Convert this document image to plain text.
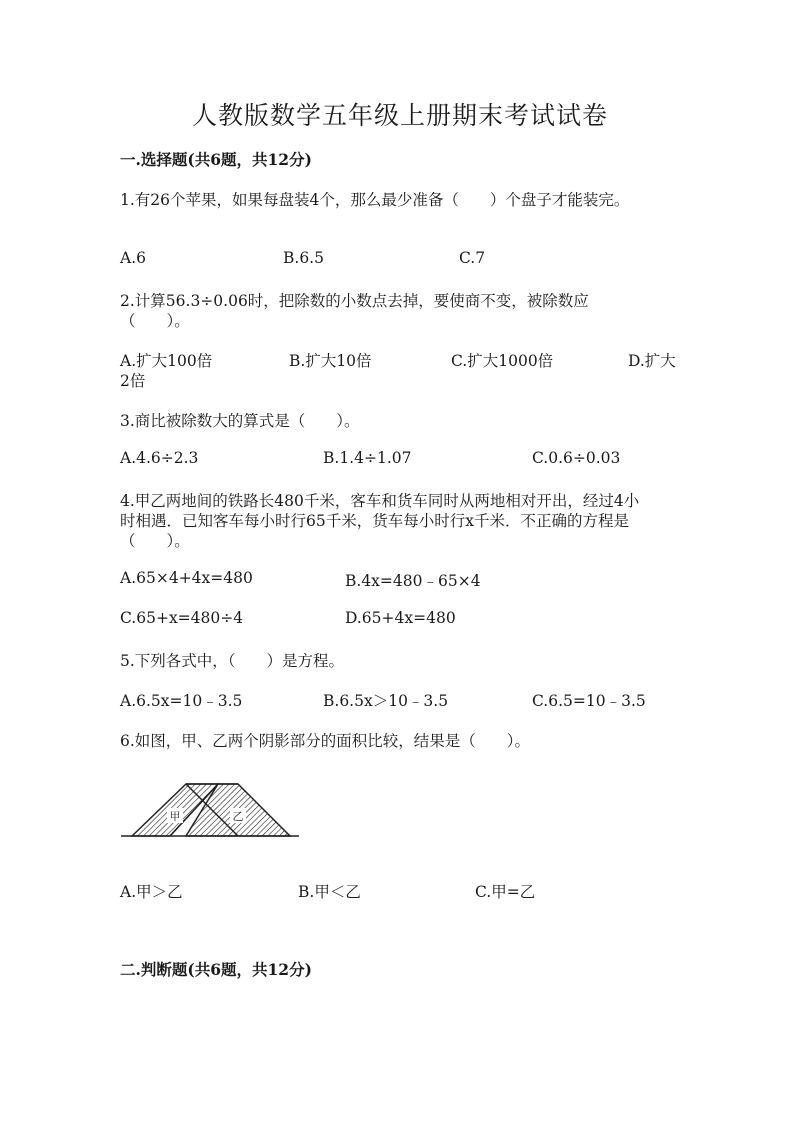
人教版数学五年级上册期末考试试卷
一.选择题(共6题，共12分)
1.有26个苹果，如果每盘装4个，那么最少准备（　　）个盘子才能装完。
A.6	B.6.5	C.7
2.计算56.3÷0.06时，把除数的小数点去掉，要使商不变，被除数应
（　　）。
A.扩大100倍	B.扩大10倍	C.扩大1000倍	D.扩大
2倍
3.商比被除数大的算式是（　　）。
A.4.6÷2.3	B.1.4÷1.07	C.0.6÷0.03
4.甲乙两地间的铁路长480千米，客车和货车同时从两地相对开出，经过4小
时相遇．已知客车每小时行65千米，货车每小时行x千米．不正确的方程是
（　　）。
A.65×4+4x=480	B.4x=480﹣65×4
C.65+x=480÷4	D.65+4x=480
5.下列各式中，（　　）是方程。
A.6.5x=10﹣3.5	B.6.5x＞10﹣3.5	C.6.5=10﹣3.5
6.如图，甲、乙两个阴影部分的面积比较，结果是（　　）。
甲	乙
A.甲＞乙	B.甲＜乙	C.甲=乙
二.判断题(共6题，共12分)
